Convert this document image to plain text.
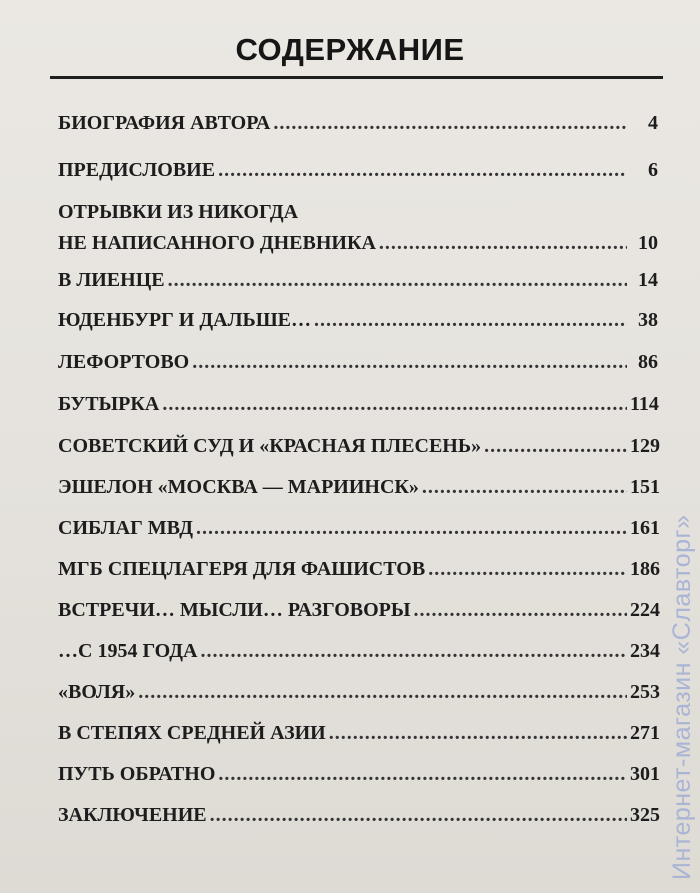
СОДЕРЖАНИЕ
БИОГРАФИЯ АВТОРА .....	4
ПРЕДИСЛОВИЕ .....	6
ОТРЫВКИ ИЗ НИКОГДА
НЕ НАПИСАННОГО ДНЕВНИКА .....	10
В ЛИЕНЦЕ .....	14
ЮДЕНБУРГ И ДАЛЬШЕ… .....	38
ЛЕФОРТОВО .....	86
БУТЫРКА .....	114
СОВЕТСКИЙ СУД И «КРАСНАЯ ПЛЕСЕНЬ» .....	129
ЭШЕЛОН «МОСКВА — МАРИИНСК» .....	151
СИБЛАГ МВД .....	161
МГБ СПЕЦЛАГЕРЯ ДЛЯ ФАШИСТОВ .....	186
ВСТРЕЧИ… МЫСЛИ… РАЗГОВОРЫ .....	224
…С 1954 ГОДА .....	234
«ВОЛЯ» .....	253
В СТЕПЯХ СРЕДНЕЙ АЗИИ .....	271
ПУТЬ ОБРАТНО .....	301
ЗАКЛЮЧЕНИЕ .....	325 Интернет-магазин «Славторг»
